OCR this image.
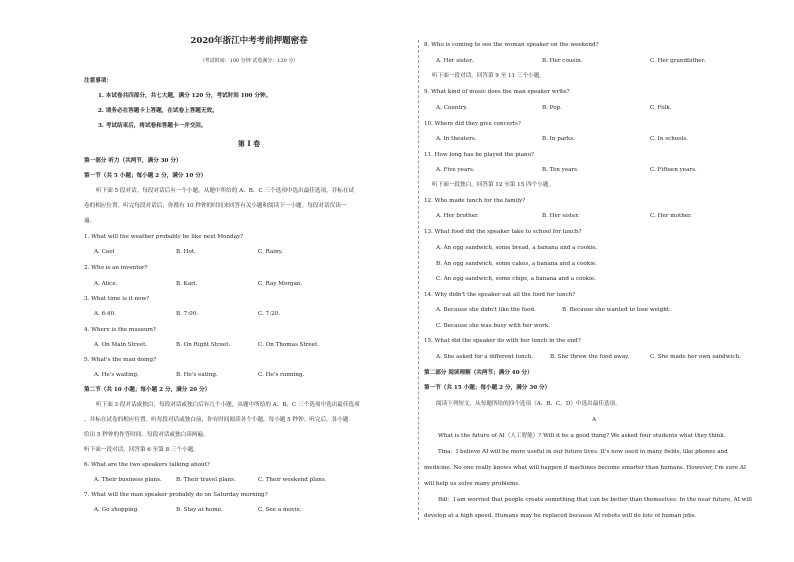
2020年浙江中考考前押题密卷
（考试时间：100 分钟 试卷满分：120 分）
注意事项：
1. 本试卷共四部分，共七大题，满分 120 分，考试时间 100 分钟。
2. 请务必在答题卡上答题，在试卷上答题无效。
3. 考试结束后，将试卷和答题卡一并交回。
第 I 卷
第一部分 听力（共两节，满分 30 分）
第一节（共 5 小题；每小题 2 分，满分 10 分）
听下面 5 段对话。每段对话后有一个小题，从题中所给的 A、B、C 三个选项中选出最佳选项，并标在试
卷的相应位置。听完每段对话后，你都有 10 秒钟的时间来回答有关小题和阅读下一小题。每段对话仅读一
遍。
1. What will the weather probably be like next Monday?
A. Cool	B. Hot.	C. Rainy.
2. Who is an inventor?
A. Alice.	B. Karl.	C. Ray Morgan.
3. What time is it now?
A. 6:40.	B. 7:00.	C. 7:20.
4. Where is the museum?
A. On Main Street.	B. On Right Street.	C. On Thomas Street.
5. What's the man doing?
A. He's waiting.	B. He's eating.	C. He's running.
第二节（共 10 小题；每小题 2 分，满分 20 分）
听下面 3 段对话或独白，每段对话或独白后有几个小题，从题中所给的 A、B、C 三个选项中选出最佳选项
，并标在试卷的相应位置。听每段对话或独白前，你有时间阅读各个小题，每小题 5 秒钟；听完后，各小题
给出 5 秒钟的作答时间。每段对话或独白读两遍。
听下面一段对话，回答第 6 至第 8 三个小题。
6. What are the two speakers talking about?
A. Their business plans.	B. Their travel plans.	C. Their weekend plans.
7. What will the man speaker probably do on Saturday morning?
A. Go shopping.	B. Stay at home.	C. See a movie.
8. Who is coming to see the woman speaker on the weekend?
A. Her sister.	B. Her cousin.	C. Her grandfather.
听下面一段对话，回答第 9 至 11 三个小题。
9. What kind of music does the man speaker write?
A. Country.	B. Pop.	C. Folk.
10. Where did they give concerts?
A. In theaters.	B. In parks.	C. In schools.
11. How long has he played the piano?
A. Five years.	B. Ten years.	C. Fifteen years.
听下面一段独白，回答第 12 至第 15 四个小题。
12. Who made lunch for the family?
A. Her brother.	B. Her sister.	C. Her mother.
13. What food did the speaker take to school for lunch?
A. An egg sandwich, some bread, a banana and a cookie.
B. An egg sandwich, some cakes, a banana and a cookie.
C. An egg sandwich, some chips, a banana and a cookie.
14. Why didn't the speaker eat all the food for lunch?
A. Because she didn't like the food.	B. Because she wanted to lose weight.
C. Because she was busy with her work.
15. What did the speaker do with her lunch in the end?
A. She asked for a different lunch.	B. She threw the food away.	C. She made her own sandwich.
第二部分 阅读理解（共两节；满分 40 分）
第一节（共 15 小题；每小题 2 分，满分 30 分）
阅读下列短文，从每题所给的四个选项（A、B、C、D）中选出最佳选项。
A
What is the future of AI（人工智能）? Will it be a good thing? We asked four students what they think.
Tina：I believe AI will be more useful in our future lives. It's now used in many fields, like phones and
medicine. No one really knows what will happen if machines become smarter than humans. However, I'm sure AI
will help us solve many problems.
Bill：I am worried that people create something that can be better than themselves. In the near future, AI will
develop at a high speed. Humans may be replaced because AI robots will do lots of human jobs.
